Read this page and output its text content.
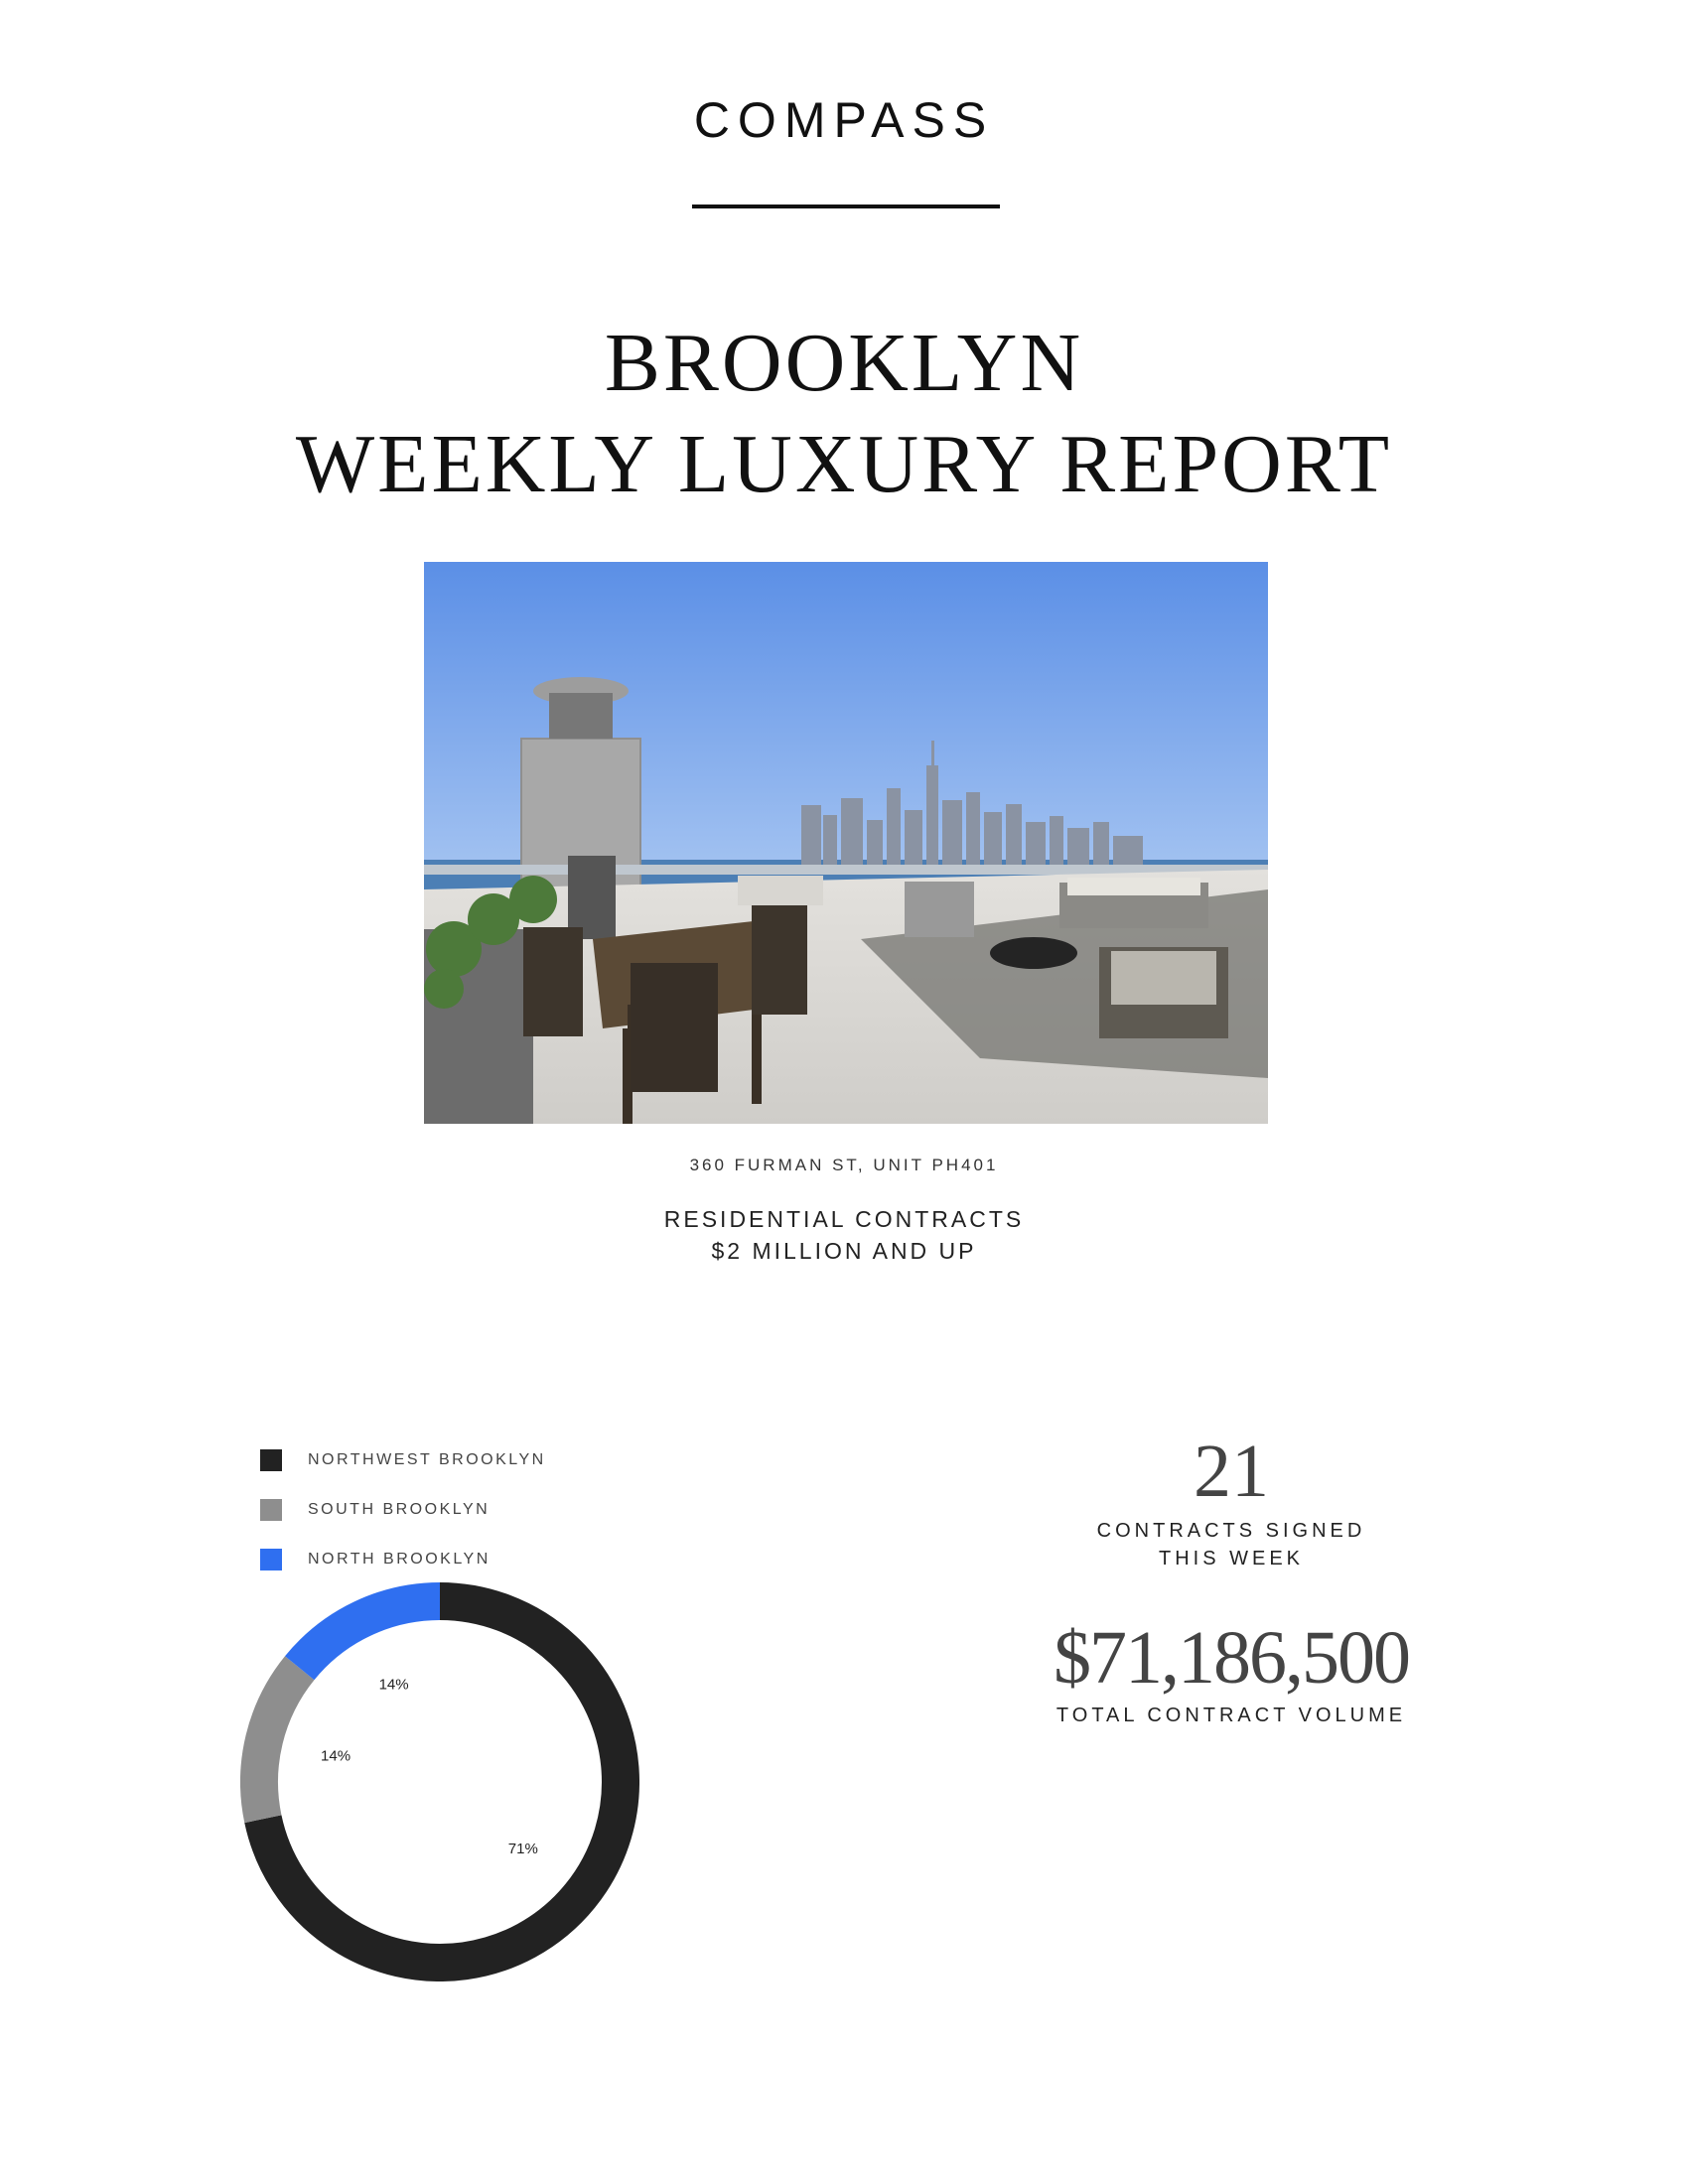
COMPASS
BROOKLYN
WEEKLY LUXURY REPORT
360 FURMAN ST, UNIT PH401
RESIDENTIAL CONTRACTS
$2 MILLION AND UP
NORTHWEST BROOKLYN
SOUTH BROOKLYN
NORTH BROOKLYN
71%
14%
14%
21
CONTRACTS SIGNED
THIS WEEK
$71,186,500
TOTAL CONTRACT VOLUME
